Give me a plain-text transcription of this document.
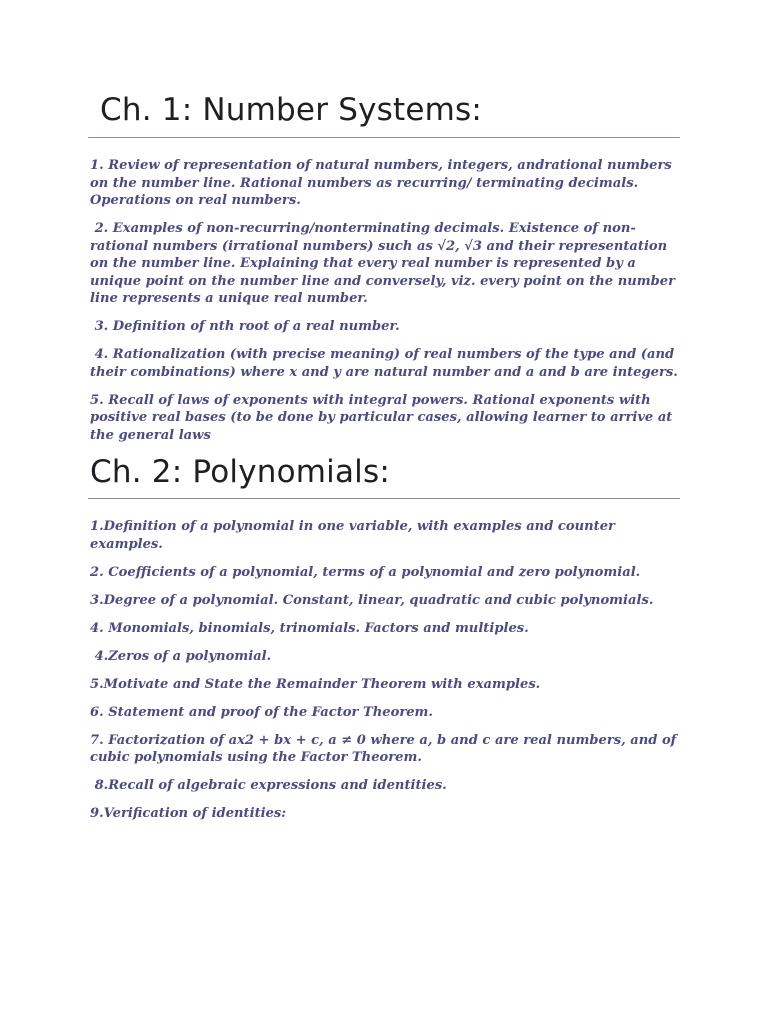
Ch. 1: Number Systems:
1. Review of representation of natural numbers, integers, andrational numbers on the number line. Rational numbers as recurring/ terminating decimals. Operations on real numbers.
2. Examples of non-recurring/nonterminating decimals. Existence of non-rational numbers (irrational numbers) such as √2, √3 and their representation on the number line. Explaining that every real number is represented by a unique point on the number line and conversely, viz. every point on the number line represents a unique real number.
3. Definition of nth root of a real number.
4. Rationalization (with precise meaning) of real numbers of the type and (and their combinations) where x and y are natural number and a and b are integers.
5. Recall of laws of exponents with integral powers. Rational exponents with positive real bases (to be done by particular cases, allowing learner to arrive at the general laws
Ch. 2: Polynomials:
1.Definition of a polynomial in one variable, with examples and counter examples.
2. Coefficients of a polynomial, terms of a polynomial and zero polynomial.
3.Degree of a polynomial. Constant, linear, quadratic and cubic polynomials.
4. Monomials, binomials, trinomials. Factors and multiples.
4.Zeros of a polynomial.
5.Motivate and State the Remainder Theorem with examples.
6. Statement and proof of the Factor Theorem.
7. Factorization of ax2 + bx + c, a ≠ 0 where a, b and c are real numbers, and of cubic polynomials using the Factor Theorem.
8.Recall of algebraic expressions and identities.
9.Verification of identities:
